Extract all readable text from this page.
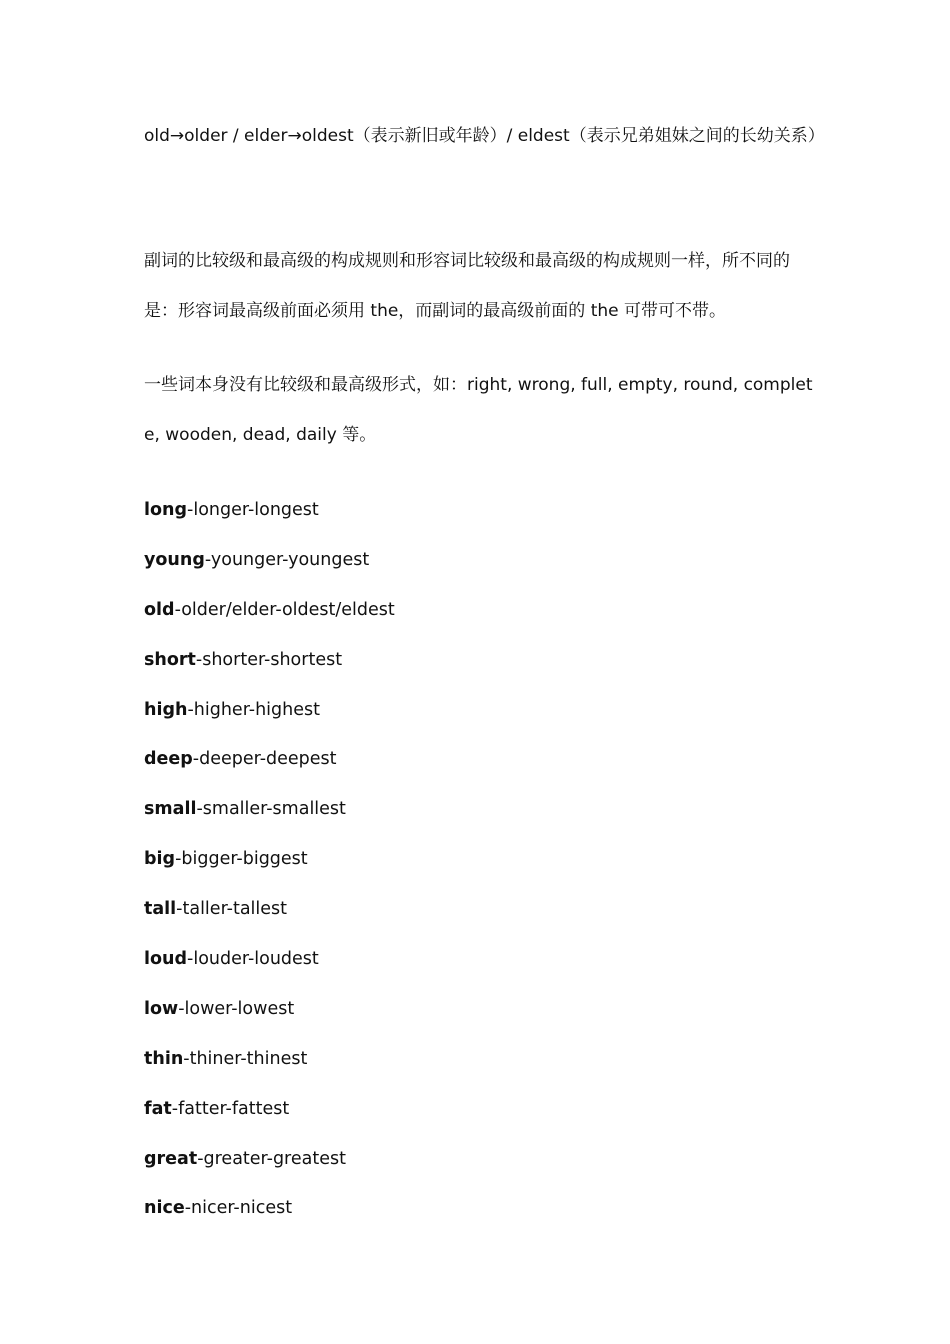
old→older / elder→oldest（表示新旧或年龄）/ eldest（表示兄弟姐妹之间的长幼关系）

副词的比较级和最高级的构成规则和形容词比较级和最高级的构成规则一样，所不同的是：形容词最高级前面必须用 the，而副词的最高级前面的 the 可带可不带。

一些词本身没有比较级和最高级形式，如：right, wrong, full, empty, round, complete, wooden, dead, daily 等。

long-longer-longest
young-younger-youngest
old-older/elder-oldest/eldest
short-shorter-shortest
high-higher-highest
deep-deeper-deepest
small-smaller-smallest
big-bigger-biggest
tall-taller-tallest
loud-louder-loudest
low-lower-lowest
thin-thiner-thinest
fat-fatter-fattest
great-greater-greatest
nice-nicer-nicest
